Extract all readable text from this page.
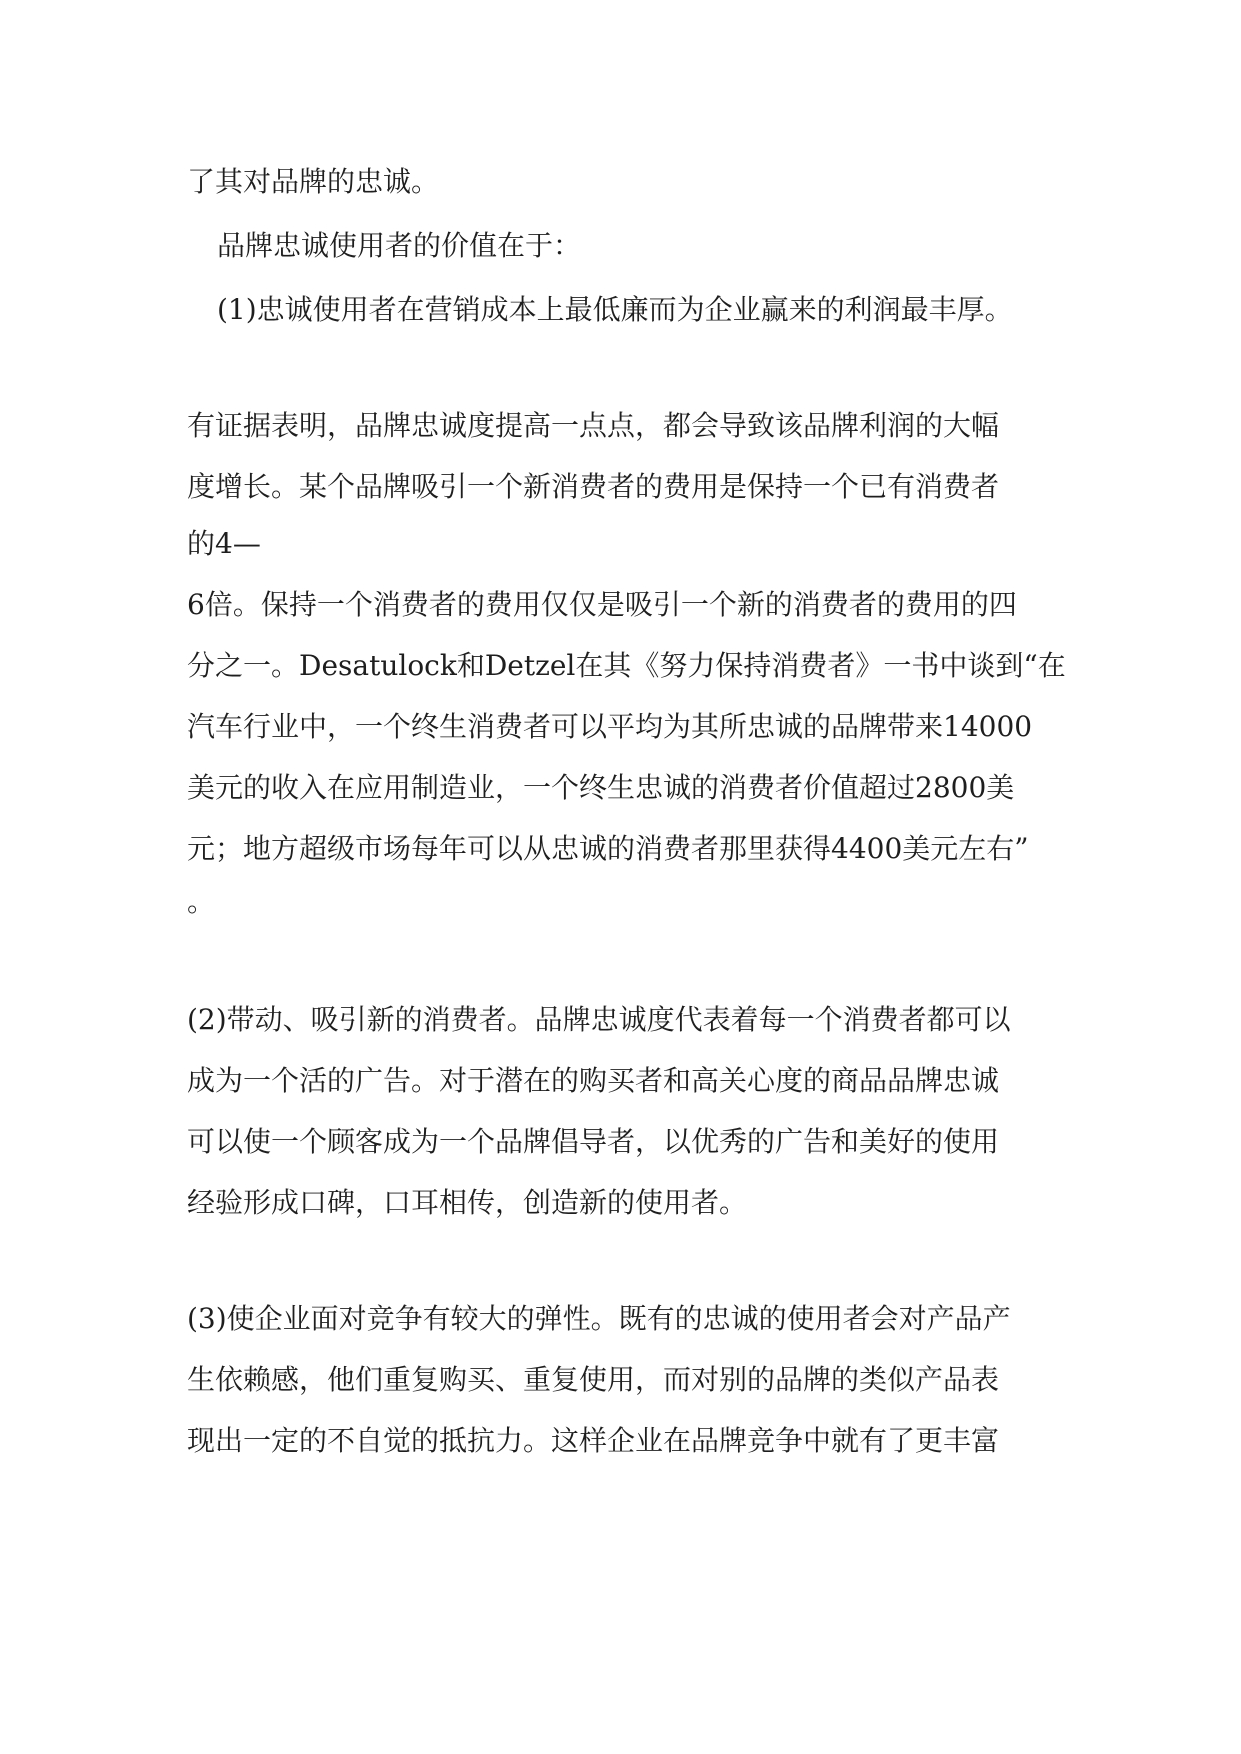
了其对品牌的忠诚。
品牌忠诚使用者的价值在于：
(1)忠诚使用者在营销成本上最低廉而为企业赢来的利润最丰厚。
有证据表明，品牌忠诚度提高一点点，都会导致该品牌利润的大幅
度增长。某个品牌吸引一个新消费者的费用是保持一个已有消费者
的4—
6倍。保持一个消费者的费用仅仅是吸引一个新的消费者的费用的四
分之一。Desatulock和Detzel在其《努力保持消费者》一书中谈到“在
汽车行业中，一个终生消费者可以平均为其所忠诚的品牌带来14000
美元的收入在应用制造业，一个终生忠诚的消费者价值超过2800美
元；地方超级市场每年可以从忠诚的消费者那里获得4400美元左右”
。
(2)带动、吸引新的消费者。品牌忠诚度代表着每一个消费者都可以
成为一个活的广告。对于潜在的购买者和高关心度的商品品牌忠诚
可以使一个顾客成为一个品牌倡导者，以优秀的广告和美好的使用
经验形成口碑，口耳相传，创造新的使用者。
(3)使企业面对竞争有较大的弹性。既有的忠诚的使用者会对产品产
生依赖感，他们重复购买、重复使用，而对别的品牌的类似产品表
现出一定的不自觉的抵抗力。这样企业在品牌竞争中就有了更丰富
